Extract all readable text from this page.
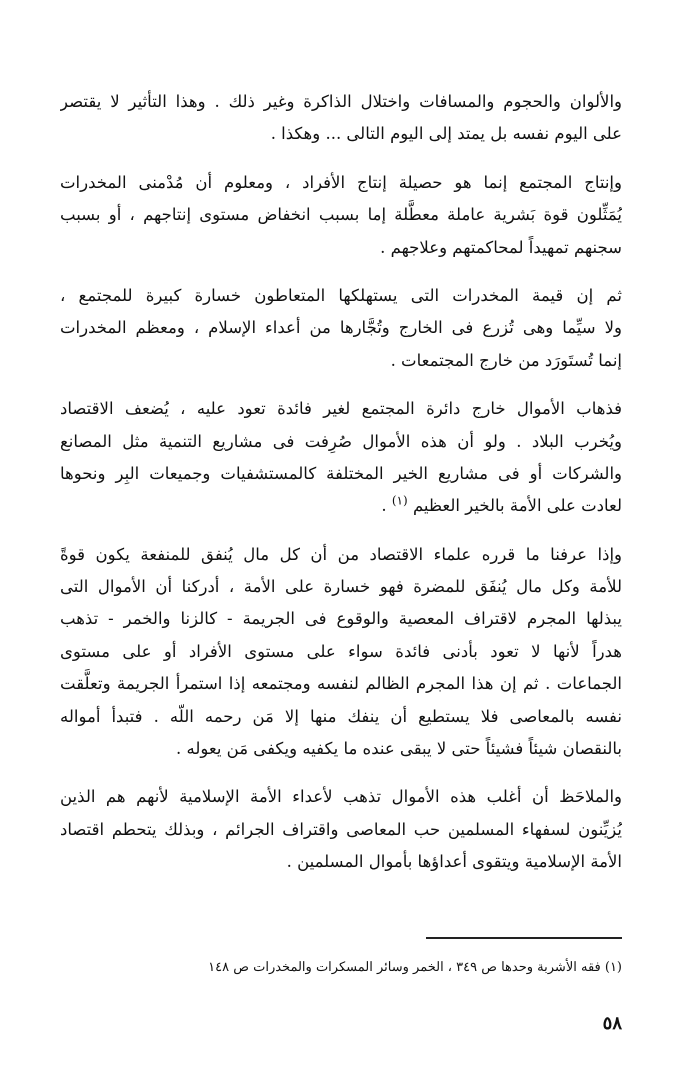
والألوان والحجوم والمسافات واختلال الذاكرة وغير ذلك . وهذا التأثير لا يقتصر
على اليوم نفسه بل يمتد إلى اليوم التالى ... وهكذا .
وإنتاج المجتمع إنما هو حصيلة إنتاج الأفراد ، ومعلوم أن مُدْمنى المخدرات
يُمَثِّلون قوة بَشرية عاملة معطَّلة إما بسبب انخفاض مستوى إنتاجهم ، أو بسبب
سجنهم تمهيداً لمحاكمتهم وعلاجهم .
ثم إن قيمة المخدرات التى يستهلكها المتعاطون خسارة كبيرة للمجتمع ،
ولا سيِّما وهى تُزرع فى الخارج وتُجَّارها من أعداء الإسلام ، ومعظم المخدرات
إنما تُستَورَد من خارج المجتمعات .
فذهاب الأموال خارج دائرة المجتمع لغير فائدة تعود عليه ، يُضعف الاقتصاد
ويُخرب البلاد . ولو أن هذه الأموال صُرِفت فى مشاريع التنمية مثل المصانع
والشركات أو فى مشاريع الخير المختلفة كالمستشفيات وجميعات البِر ونحوها
لعادت على الأمة بالخير العظيم $^{(١)}$ .
وإذا عرفنا ما قرره علماء الاقتصاد من أن كل مال يُنفق للمنفعة يكون قوةً
للأمة وكل مال يُنفَق للمضرة فهو خسارة على الأمة ، أدركنا أن الأموال التى
يبذلها المجرم لاقتراف المعصية والوقوع فى الجريمة - كالزنا والخمر - تذهب
هدراً لأنها لا تعود بأدنى فائدة سواء على مستوى الأفراد أو على مستوى
الجماعات . ثم إن هذا المجرم الظالم لنفسه ومجتمعه إذا استمرأ الجريمة وتعلَّقت
نفسه بالمعاصى فلا يستطيع أن ينفك منها إلا مَن رحمه اللّه . فتبدأ أمواله
بالنقصان شيئاً فشيئاً حتى لا يبقى عنده ما يكفيه ويكفى مَن يعوله .
والملاحَظ أن أغلب هذه الأموال تذهب لأعداء الأمة الإسلامية لأنهم هم الذين
يُزيِّنون لسفهاء المسلمين حب المعاصى واقتراف الجرائم ، وبذلك يتحطم اقتصاد
الأمة الإسلامية ويتقوى أعداؤها بأموال المسلمين .
(١) فقه الأشربة وحدها ص ٣٤٩ ، الخمر وسائر المسكرات والمخدرات ص ١٤٨
٥٨
